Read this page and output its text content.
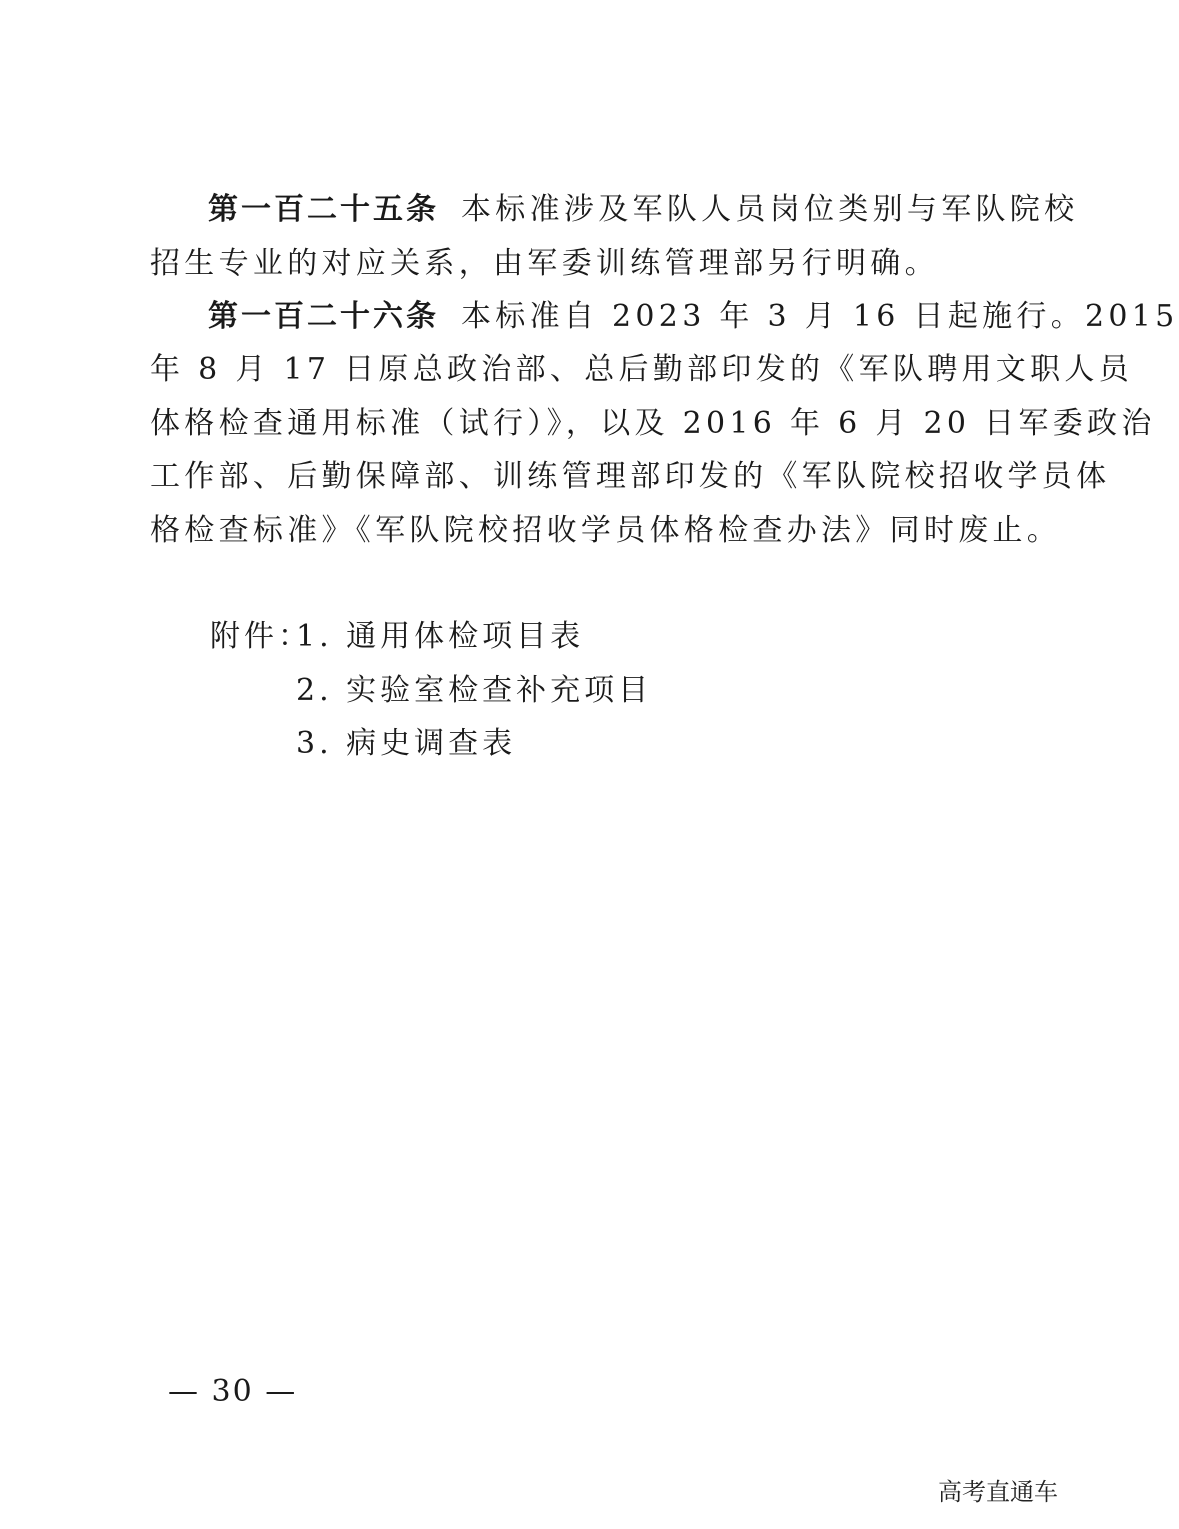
第一百二十五条 本标准涉及军队人员岗位类别与军队院校
招生专业的对应关系，由军委训练管理部另行明确。
第一百二十六条 本标准自 2023 年 3 月 16 日起施行。2015
年 8 月 17 日原总政治部、总后勤部印发的《军队聘用文职人员
体格检查通用标准（试行）》，以及 2016 年 6 月 20 日军委政治
工作部、后勤保障部、训练管理部印发的《军队院校招收学员体
格检查标准》《军队院校招收学员体格检查办法》同时废止。
附件：
1. 通用体检项目表
2. 实验室检查补充项目
3. 病史调查表
— 30 —
高考直通车
